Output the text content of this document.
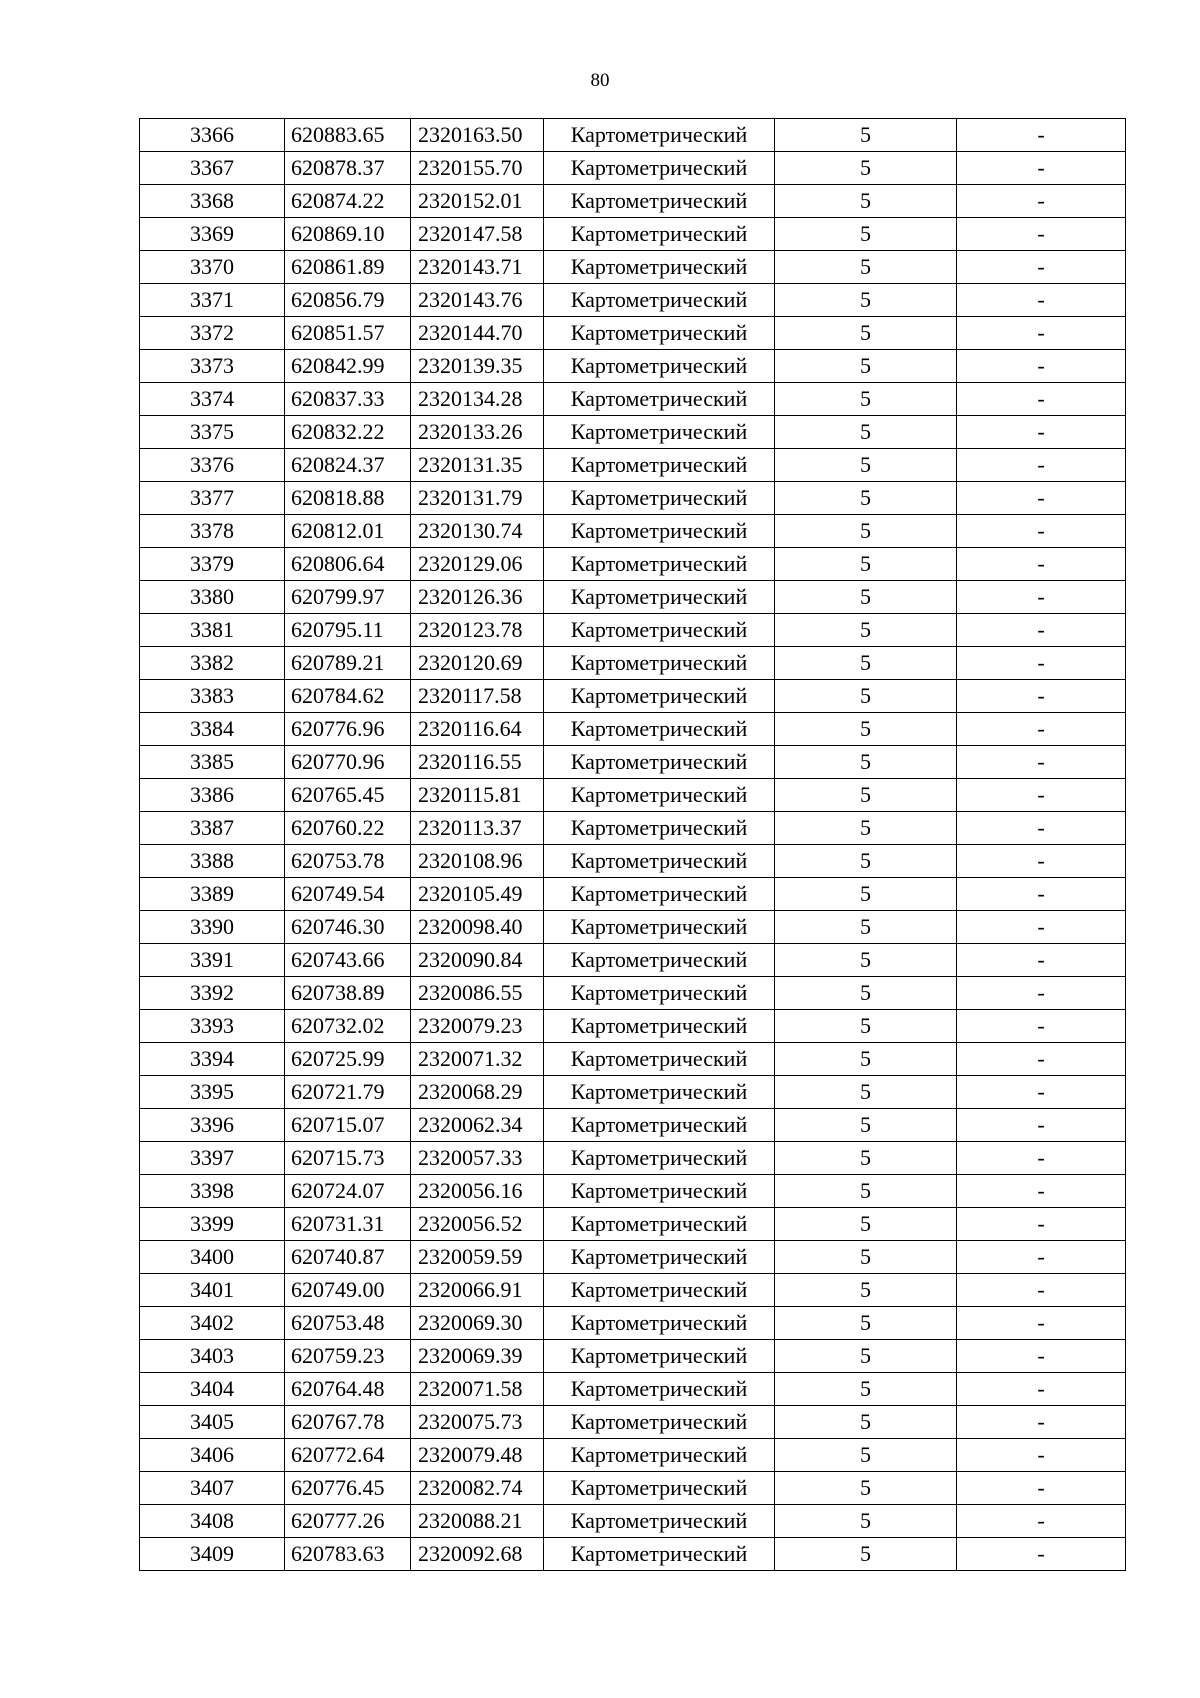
80
3366	620883.65	2320163.50	Картометрический	5	-
3367	620878.37	2320155.70	Картометрический	5	-
3368	620874.22	2320152.01	Картометрический	5	-
3369	620869.10	2320147.58	Картометрический	5	-
3370	620861.89	2320143.71	Картометрический	5	-
3371	620856.79	2320143.76	Картометрический	5	-
3372	620851.57	2320144.70	Картометрический	5	-
3373	620842.99	2320139.35	Картометрический	5	-
3374	620837.33	2320134.28	Картометрический	5	-
3375	620832.22	2320133.26	Картометрический	5	-
3376	620824.37	2320131.35	Картометрический	5	-
3377	620818.88	2320131.79	Картометрический	5	-
3378	620812.01	2320130.74	Картометрический	5	-
3379	620806.64	2320129.06	Картометрический	5	-
3380	620799.97	2320126.36	Картометрический	5	-
3381	620795.11	2320123.78	Картометрический	5	-
3382	620789.21	2320120.69	Картометрический	5	-
3383	620784.62	2320117.58	Картометрический	5	-
3384	620776.96	2320116.64	Картометрический	5	-
3385	620770.96	2320116.55	Картометрический	5	-
3386	620765.45	2320115.81	Картометрический	5	-
3387	620760.22	2320113.37	Картометрический	5	-
3388	620753.78	2320108.96	Картометрический	5	-
3389	620749.54	2320105.49	Картометрический	5	-
3390	620746.30	2320098.40	Картометрический	5	-
3391	620743.66	2320090.84	Картометрический	5	-
3392	620738.89	2320086.55	Картометрический	5	-
3393	620732.02	2320079.23	Картометрический	5	-
3394	620725.99	2320071.32	Картометрический	5	-
3395	620721.79	2320068.29	Картометрический	5	-
3396	620715.07	2320062.34	Картометрический	5	-
3397	620715.73	2320057.33	Картометрический	5	-
3398	620724.07	2320056.16	Картометрический	5	-
3399	620731.31	2320056.52	Картометрический	5	-
3400	620740.87	2320059.59	Картометрический	5	-
3401	620749.00	2320066.91	Картометрический	5	-
3402	620753.48	2320069.30	Картометрический	5	-
3403	620759.23	2320069.39	Картометрический	5	-
3404	620764.48	2320071.58	Картометрический	5	-
3405	620767.78	2320075.73	Картометрический	5	-
3406	620772.64	2320079.48	Картометрический	5	-
3407	620776.45	2320082.74	Картометрический	5	-
3408	620777.26	2320088.21	Картометрический	5	-
3409	620783.63	2320092.68	Картометрический	5	-
